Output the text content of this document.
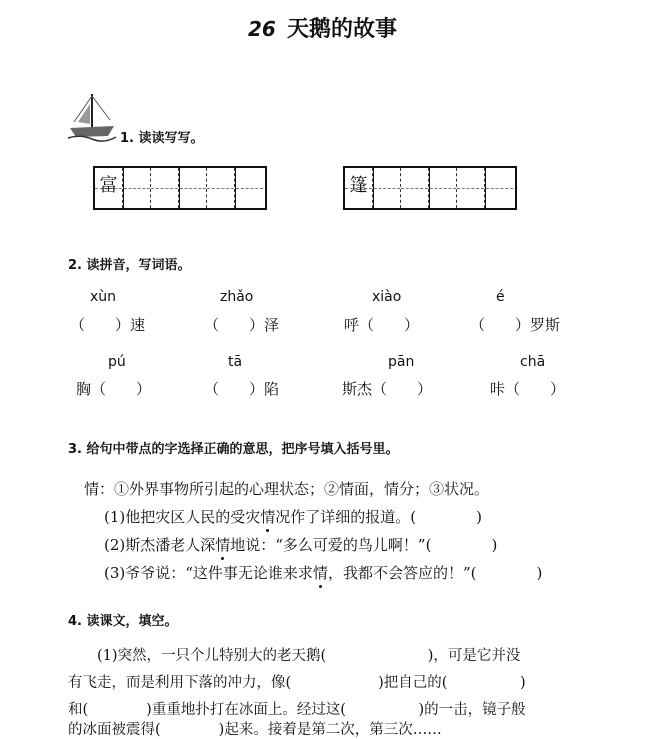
26 天鹅的故事
1. 读读写写。
富	篷
2. 读拼音，写词语。
xùn	zhǎo	xiào	é
（　　）速	（　　）泽	呼（　　）	（　　）罗斯
pú	tā	pān	chā
胸（　　）	（　　）陷	斯杰（　　）	咔（　　）
3. 给句中带点的字选择正确的意思，把序号填入括号里。
情：①外界事物所引起的心理状态；②情面，情分；③状况。
(1)他把灾区人民的受灾情况作了详细的报道。(　　　　)
(2)斯杰潘老人深情地说：“多么可爱的鸟儿啊！”(　　　　)
(3)爷爷说：“这件事无论谁来求情，我都不会答应的！”(　　　　)
4. 读课文，填空。
　　(1)突然，一只个儿特别大的老天鹅(　　　　　　　)，可是它并没
有飞走，而是利用下落的冲力，像(　　　　　　)把自己的(　　　　　)
和(　　　　)重重地扑打在冰面上。经过这(　　　　　)的一击，镜子般
的冰面被震得(　　　　)起来。接着是第二次，第三次……
